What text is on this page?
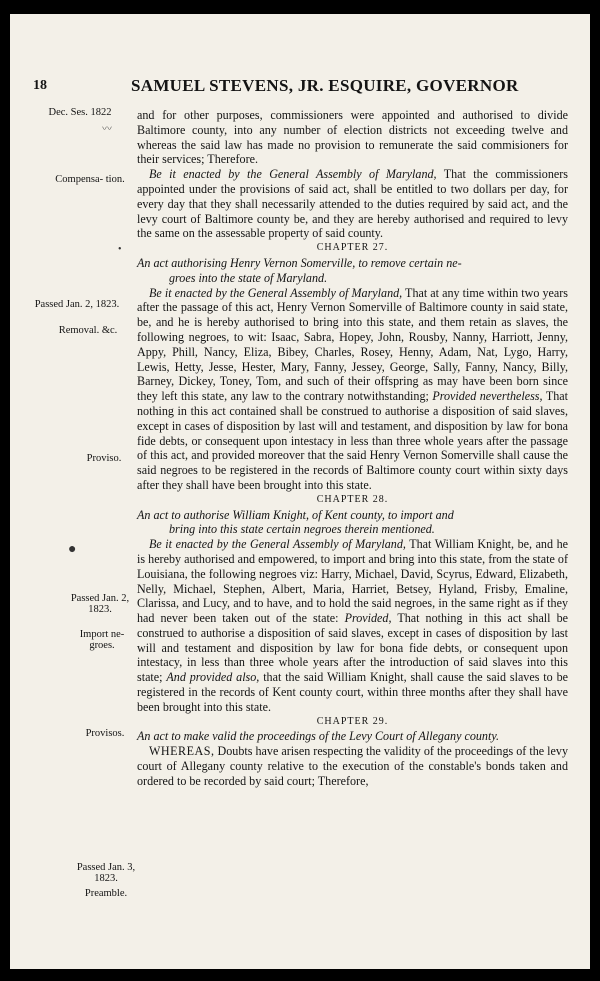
18	SAMUEL STEVENS, JR. ESQUIRE, GOVERNOR
Dec. Ses. 1822
Compensa- tion.
Passed Jan. 2, 1823.
Removal. &c.
Proviso.
Passed Jan. 2, 1823.
Import ne- groes.
Provisos.
Passed Jan. 3, 1823.
Preamble.

and for other purposes, commissioners were appointed and authorised to divide Baltimore county, into any number of election districts not exceeding twelve and whereas the said law has made no provision to remunerate the said commisioners for their services; Therefore.

Be it enacted by the General Assembly of Maryland, That the commissioners appointed under the provisions of said act, shall be entitled to two dollars per day, for every day that they shall necessarily attended to the duties required by said act, and the levy court of Baltimore county be, and they are hereby authorised and required to levy the same on the assessable property of said county.

CHAPTER 27.

An act authorising Henry Vernon Somerville, to remove certain ne-
groes into the state of Maryland.

Be it enacted by the General Assembly of Maryland, That at any time within two years after the passage of this act, Henry Vernon Somerville of Baltimore county in said state, be, and he is hereby authorised to bring into this state, and them retain as slaves, the following negroes, to wit: Isaac, Sabra, Hopey, John, Rousby, Nanny, Harriott, Jenny, Appy, Phill, Nancy, Eliza, Bibey, Charles, Rosey, Henny, Adam, Nat, Lygo, Harry, Lewis, Hetty, Jesse, Hester, Mary, Fanny, Jessey, George, Sally, Fanny, Nancy, Billy, Barney, Dickey, Toney, Tom, and such of their offspring as may have been born since they left this state, any law to the contrary notwithstanding; Provided nevertheless, That nothing in this act contained shall be construed to authorise a disposition of said slaves, except in cases of disposition by last will and testament, and disposition by law for bona fide debts, or consequent upon intestacy in less than three whole years after the passage of this act, and provided moreover that the said Henry Vernon Somerville shall cause the said negroes to be registered in the records of Baltimore county court within sixty days after they shall have been brought into this state.

CHAPTER 28.

An act to authorise William Knight, of Kent county, to import and
bring into this state certain negroes therein mentioned.

Be it enacted by the General Assembly of Maryland, That William Knight, be, and he is hereby authorised and empowered, to import and bring into this state, from the state of Louisiana, the following negroes viz: Harry, Michael, David, Scyrus, Edward, Elizabeth, Nelly, Michael, Stephen, Albert, Maria, Harriet, Betsey, Hyland, Frisby, Emaline, Clarissa, and Lucy, and to have, and to hold the said negroes, in the same right as if they had never been taken out of the state: Provided, That nothing in this act shall be construed to authorise a disposition of said slaves, except in cases of disposition by last will and testament and disposition by law for bona fide debts, or consequent upon intestacy, in less than three whole years after the introduction of said slaves into this state; And provided also, that the said William Knight, shall cause the said slaves to be registered in the records of Kent county court, within three months after they shall have been brought into this state.

CHAPTER 29.

An act to make valid the proceedings of the Levy Court of Allegany county.

WHEREAS, Doubts have arisen respecting the validity of the proceedings of the levy court of Allegany county relative to the execution of the constable's bonds taken and ordered to be recorded by said court; Therefore,

〰
•
●
